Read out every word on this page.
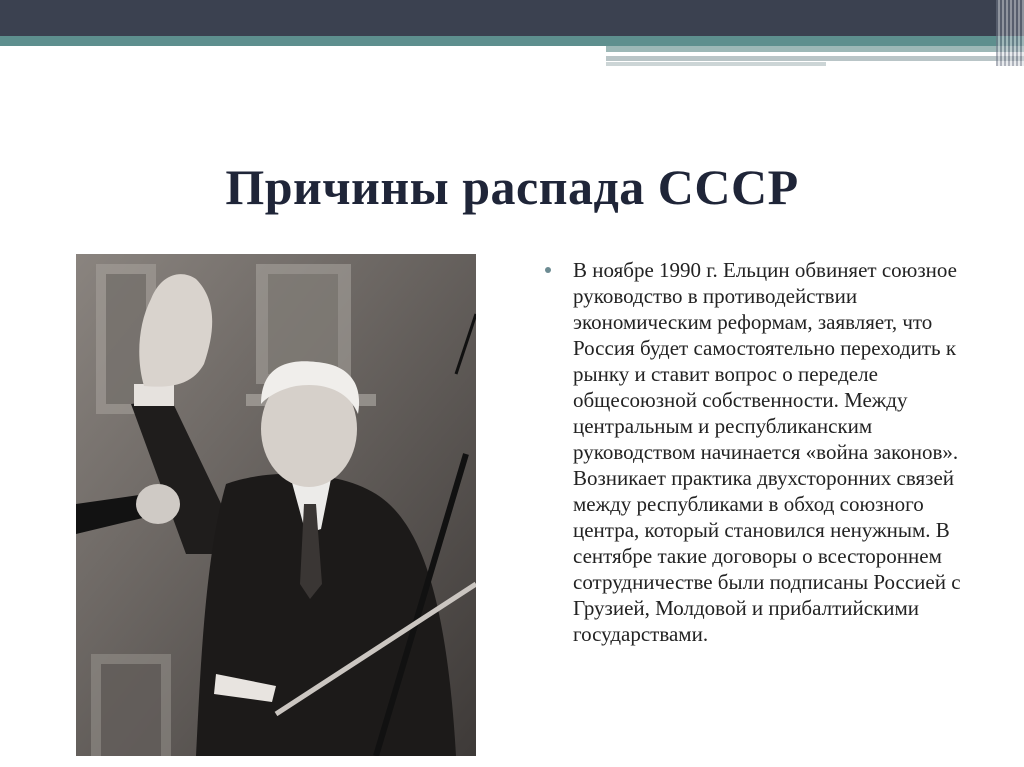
Причины распада СССР
В ноябре 1990 г. Ельцин обвиняет союзное руководство в противодействии экономическим реформам, заявляет, что Россия будет самостоятельно переходить к рынку и ставит вопрос о переделе общесоюзной собственности. Между центральным и республиканским руководством начинается «война законов». Возникает практика двухсторонних связей между республиками в обход союзного центра, который становился ненужным. В сентябре такие договоры о всестороннем сотрудничестве были подписаны Россией с Грузией, Молдовой и прибалтийскими государствами.
